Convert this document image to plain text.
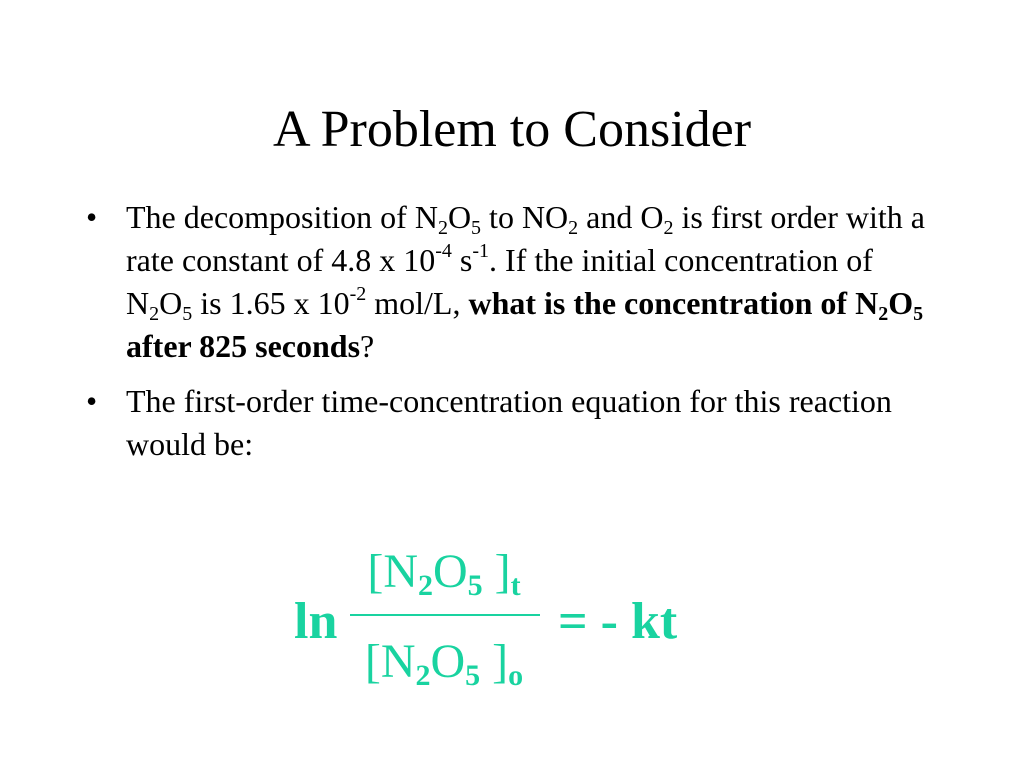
A Problem to Consider
• The decomposition of $N_2O_5$ to $NO_2$ and $O_2$ is first order with a rate constant of 4.8 x $10^{-4}$ $s^{-1}$. If the initial concentration of $N_2O_5$ is 1.65 x $10^{-2}$ mol/L, what is the concentration of $N_2O_5$ after 825 seconds?
• The first-order time-concentration equation for this reaction would be:
ln
[N2O5 ]t
[N2O5 ]o
= - kt
